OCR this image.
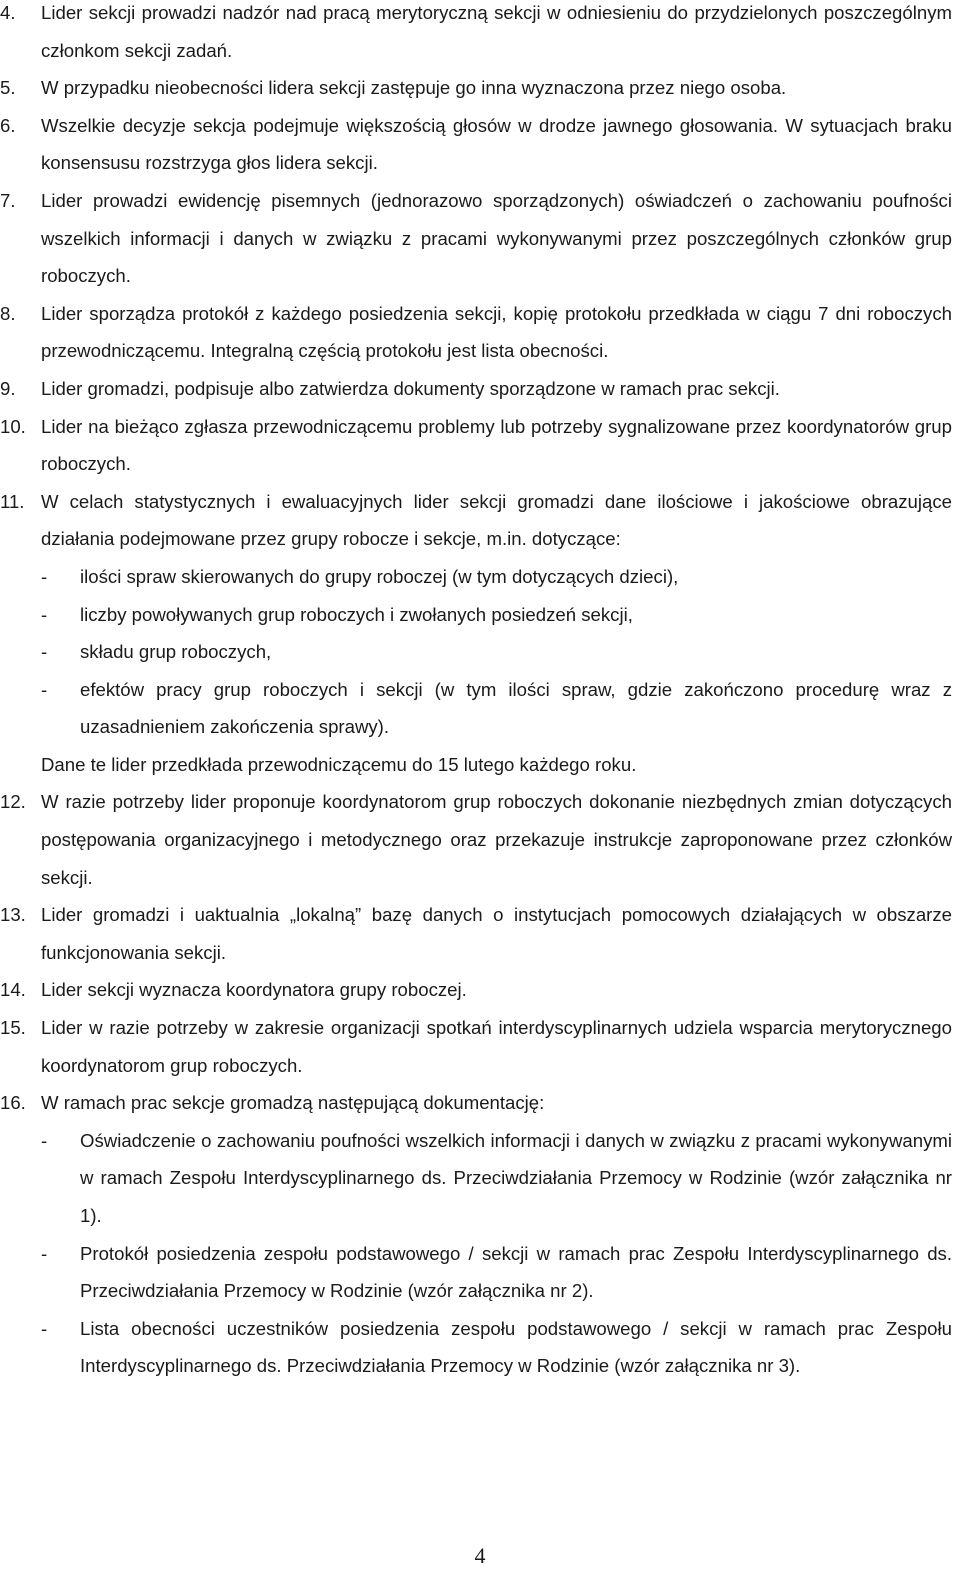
4.	Lider sekcji prowadzi nadzór nad pracą merytoryczną sekcji w odniesieniu do przydzielonych poszczególnym członkom sekcji zadań.
5.	W przypadku nieobecności lidera sekcji zastępuje go inna wyznaczona przez niego osoba.
6.	Wszelkie decyzje sekcja podejmuje większością głosów w drodze jawnego głosowania. W sytuacjach braku konsensusu rozstrzyga głos lidera sekcji.
7.	Lider prowadzi ewidencję pisemnych (jednorazowo sporządzonych) oświadczeń o zachowaniu poufności wszelkich informacji i danych w związku z pracami wykonywanymi przez poszczególnych członków grup roboczych.
8.	Lider sporządza protokół z każdego posiedzenia sekcji, kopię protokołu przedkłada w ciągu 7 dni roboczych przewodniczącemu. Integralną częścią protokołu jest lista obecności.
9.	Lider gromadzi, podpisuje albo zatwierdza dokumenty sporządzone w ramach prac sekcji.
10. Lider na bieżąco zgłasza przewodniczącemu problemy lub potrzeby sygnalizowane przez koordynatorów grup roboczych.
11. W celach statystycznych i ewaluacyjnych lider sekcji gromadzi dane ilościowe i jakościowe obrazujące działania podejmowane przez grupy robocze i sekcje, m.in. dotyczące:
-	ilości spraw skierowanych do grupy roboczej (w tym dotyczących dzieci),
-	liczby powoływanych grup roboczych i zwołanych posiedzeń sekcji,
-	składu grup roboczych,
-	efektów pracy grup roboczych i sekcji (w tym ilości spraw, gdzie zakończono procedurę wraz z uzasadnieniem zakończenia sprawy).
Dane te lider przedkłada przewodniczącemu do 15 lutego każdego roku.
12. W razie potrzeby lider proponuje koordynatorom grup roboczych dokonanie niezbędnych zmian dotyczących postępowania organizacyjnego i metodycznego oraz przekazuje instrukcje zaproponowane przez członków sekcji.
13. Lider gromadzi i uaktualnia „lokalną” bazę danych o instytucjach pomocowych działających w obszarze funkcjonowania sekcji.
14. Lider sekcji wyznacza koordynatora grupy roboczej.
15. Lider w razie potrzeby w zakresie organizacji spotkań interdyscyplinarnych udziela wsparcia merytorycznego koordynatorom grup roboczych.
16. W ramach prac sekcje gromadzą następującą dokumentację:
-	Oświadczenie o zachowaniu poufności wszelkich informacji i danych w związku z pracami wykonywanymi w ramach Zespołu Interdyscyplinarnego ds. Przeciwdziałania Przemocy w Rodzinie (wzór załącznika nr 1).
-	Protokół posiedzenia zespołu podstawowego / sekcji w ramach prac Zespołu Interdyscyplinarnego ds. Przeciwdziałania Przemocy w Rodzinie (wzór załącznika nr 2).
-	Lista obecności uczestników posiedzenia zespołu podstawowego / sekcji w ramach prac Zespołu Interdyscyplinarnego ds. Przeciwdziałania Przemocy w Rodzinie (wzór załącznika nr 3).
4
